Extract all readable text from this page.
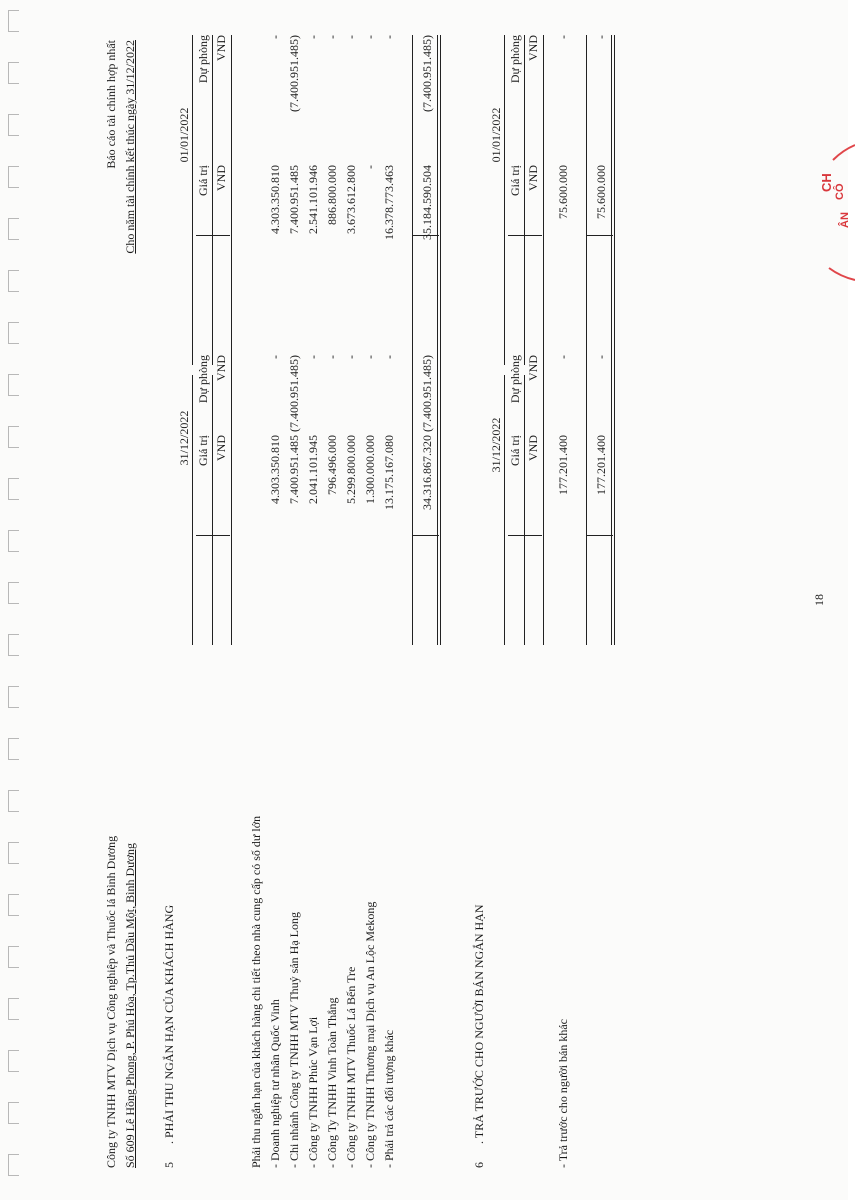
CH CÔ
ÂN
Công ty TNHH MTV Dịch vụ Công nghiệp và Thuốc lá Bình Dương Số 609 Lê Hồng Phong, P. Phú Hòa, Tp.Thủ Dầu Một, Bình Dương
Báo cáo tài chính hợp nhất Cho năm tài chính kết thúc ngày 31/12/2022
5
. PHẢI THU NGẮN HẠN CỦA KHÁCH HÀNG
31/12/2022
01/01/2022
Giá trị
Dự phòng
Giá trị
Dự phòng
VND
VND
VND
VND
Phải thu ngắn hạn của khách hàng chi tiết theo nhà cung cấp có số dư lớn - Doanh nghiệp tư nhân Quốc Vinh
4.303.350.810
-
4.303.350.810
-
- Chi nhánh Công ty TNHH MTV Thuỷ sản Hạ Long
7.400.951.485
(7.400.951.485)
7.400.951.485
(7.400.951.485)
- Công ty TNHH Phúc Vạn Lợi
2.041.101.945
-
2.541.101.946
-
- Công Ty TNHH Vinh Toàn Thắng
796.496.000
-
886.800.000
-
- Công ty TNHH MTV Thuốc Lá Bến Tre
5.299.800.000
-
3.673.612.800
-
- Công ty TNHH Thương mại Dịch vụ An Lộc Mekong
1.300.000.000
-
-
-
- Phải trả các đối tượng khác
13.175.167.080
-
16.378.773.463
-
34.316.867.320
(7.400.951.485)
35.184.590.504
(7.400.951.485)
6
. TRẢ TRƯỚC CHO NGƯỜI BÁN NGẮN HẠN
31/12/2022
01/01/2022
Giá trị
Dự phòng
Giá trị
Dự phòng
VND
VND
VND
VND
- Trả trước cho người bán khác
177.201.400
-
75.600.000
-
177.201.400
-
75.600.000
-
18
